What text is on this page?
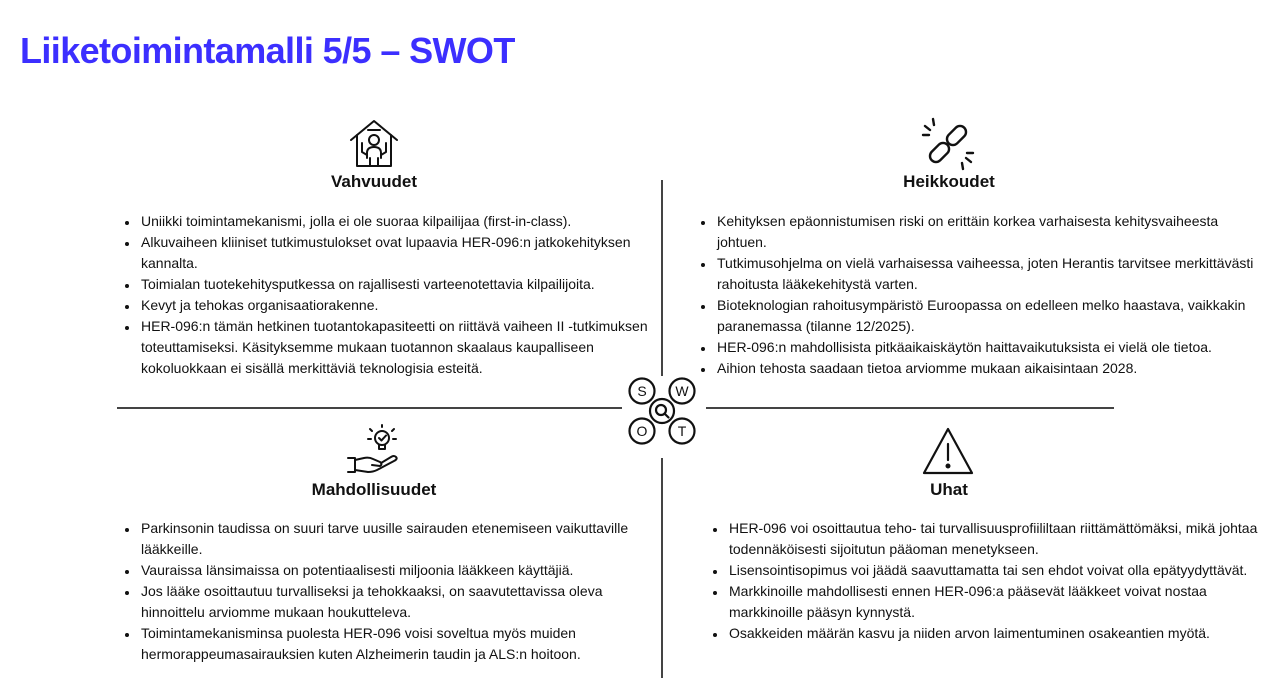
Liiketoimintamalli 5/5 – SWOT
S W
O T
Vahvuudet
• Uniikki toimintamekanismi, jolla ei ole suoraa kilpailijaa (first-in-class).
• Alkuvaiheen kliiniset tutkimustulokset ovat lupaavia HER-096:n jatkokehityksen kannalta.
• Toimialan tuotekehitysputkessa on rajallisesti varteenotettavia kilpailijoita.
• Kevyt ja tehokas organisaatiorakenne.
• HER-096:n tämän hetkinen tuotantokapasiteetti on riittävä vaiheen II -tutkimuksen toteuttamiseksi. Käsityksemme mukaan tuotannon skaalaus kaupalliseen kokoluokkaan ei sisällä merkittäviä teknologisia esteitä.
Heikkoudet
• Kehityksen epäonnistumisen riski on erittäin korkea varhaisesta kehitysvaiheesta johtuen.
• Tutkimusohjelma on vielä varhaisessa vaiheessa, joten Herantis tarvitsee merkittävästi rahoitusta lääkekehitystä varten.
• Bioteknologian rahoitusympäristö Euroopassa on edelleen melko haastava, vaikkakin paranemassa (tilanne 12/2025).
• HER-096:n mahdollisista pitkäaikaiskäytön haittavaikutuksista ei vielä ole tietoa.
• Aihion tehosta saadaan tietoa arviomme mukaan aikaisintaan 2028.
Mahdollisuudet
• Parkinsonin taudissa on suuri tarve uusille sairauden etenemiseen vaikuttaville lääkkeille.
• Vauraissa länsimaissa on potentiaalisesti miljoonia lääkkeen käyttäjiä.
• Jos lääke osoittautuu turvalliseksi ja tehokkaaksi, on saavutettavissa oleva hinnoittelu arviomme mukaan houkutteleva.
• Toimintamekanisminsa puolesta HER-096 voisi soveltua myös muiden hermorappeumasairauksien kuten Alzheimerin taudin ja ALS:n hoitoon.
Uhat
• HER-096 voi osoittautua teho- tai turvallisuusprofiililtaan riittämättömäksi, mikä johtaa todennäköisesti sijoitutun pääoman menetykseen.
• Lisensointisopimus voi jäädä saavuttamatta tai sen ehdot voivat olla epätyydyttävät.
• Markkinoille mahdollisesti ennen HER-096:a pääsevät lääkkeet voivat nostaa markkinoille pääsyn kynnystä.
• Osakkeiden määrän kasvu ja niiden arvon laimentuminen osakeantien myötä.
